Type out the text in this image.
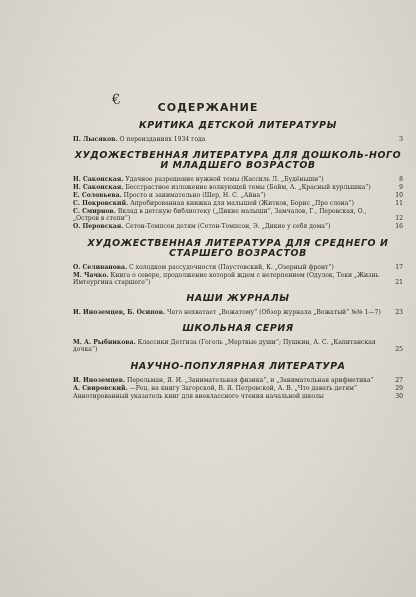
€	СОДЕРЖАНИЕ
КРИТИКА ДЕТСКОЙ ЛИТЕРАТУРЫ
П. Лысяков. О переизданиях 1934 года	3
ХУДОЖЕСТВЕННАЯ ЛИТЕРАТУРА ДЛЯ ДОШКОЛЬ-НОГО И МЛАДШЕГО ВОЗРАСТОВ
Н. Саконская. Удачное разрешение нужной темы (Кассиль Л. „Будёнышн“)	8
Н. Саконская. Бесстрастное изложение волнующей темы (Бойм, А. „Красный курлышка“)	9
Е. Соловьева. Просто и занимательно (Шер, Н. С. „Айна“)	10
С. Покровский. Апробированная книжка для малышей (Житков, Борис „Про слона“)	11
С. Смирнов. Вклад в детскую библиотеку („Дикие малыши“, Замчалов, Г., Перовская, О., „Остров в степи“)	12
О. Перовская. Сетон-Томпсон детям (Сетон-Томпсон, Э. „Дикие у себя дома“)	16
ХУДОЖЕСТВЕННАЯ ЛИТЕРАТУРА ДЛЯ СРЕДНЕГО И СТАРШЕГО ВОЗРАСТОВ
О. Селиванова. С холодком рассудочности (Паустовский, К. „Озерный фронт“)	17
М. Чачко. Книга о севере, продолжение которой ждем с нетерпением (Одулок, Теки „Жизнь Имтеургина старшего“)	21
НАШИ ЖУРНАЛЫ
И. Иноземцев, Б. Осипов. Чего нехватает „Вожатому“ (Обзор журнала „Вожатый“ №№ 1—7)	23
ШКОЛЬНАЯ СЕРИЯ
М. А. Рыбникова. Классики Детгиза (Гоголь „Мертвые души“; Пушкин, А. С. „Капитанская дочка“)	25
НАУЧНО-ПОПУЛЯРНАЯ ЛИТЕРАТУРА
И. Иноземцев. Перельман, Я. И. „Занимательная физика“, и „Занимательная арифметика“	27
А. Свировский. —Рец. на книгу Загорской, В. Я. Петровской, А. В. „Что давать детям“	29
Аннотированный указатель книг для внеклассного чтения начальной школы	30
